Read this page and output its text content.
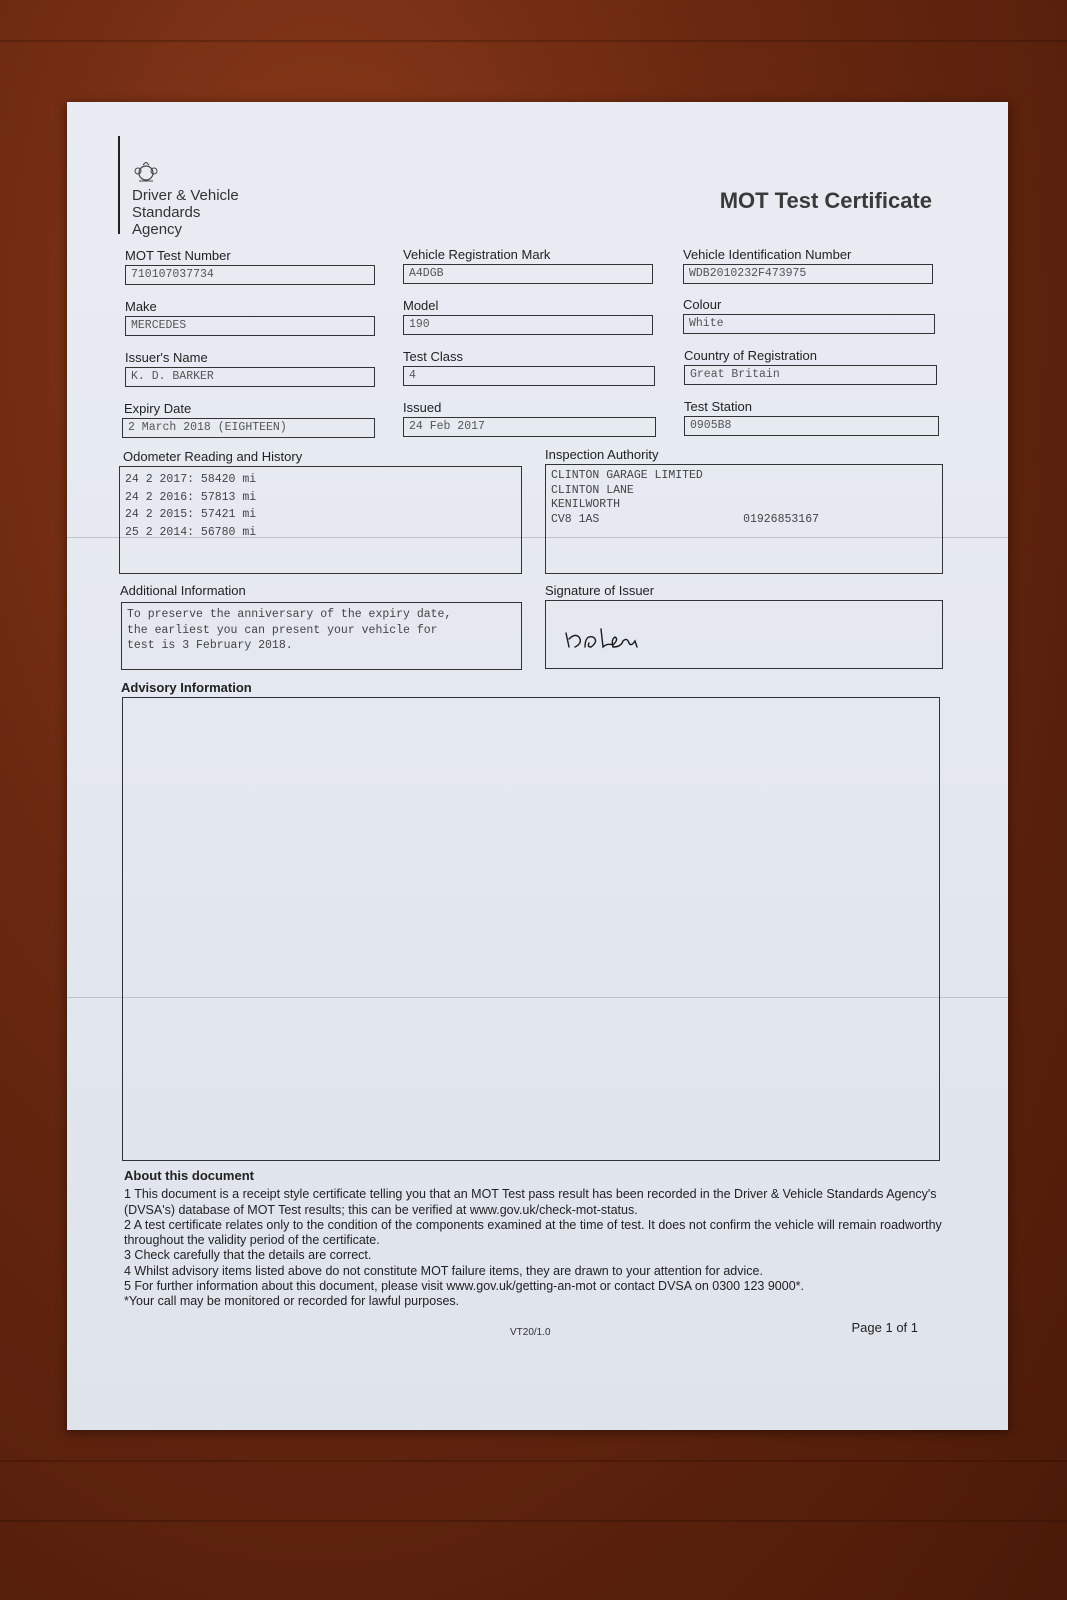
Driver & Vehicle
Standards
Agency
MOT Test Certificate
MOT Test Number
710107037734
Vehicle Registration Mark
A4DGB
Vehicle Identification Number
WDB2010232F473975
Make
MERCEDES
Model
190
Colour
White
Issuer's Name
K. D. BARKER
Test Class
4
Country of Registration
Great Britain
Expiry Date
2 March 2018 (EIGHTEEN)
Issued
24 Feb 2017
Test Station
0905B8
Odometer Reading and History
24 2 2017: 58420 mi
24 2 2016: 57813 mi
24 2 2015: 57421 mi
25 2 2014: 56780 mi
Inspection Authority
CLINTON GARAGE LIMITED
CLINTON LANE
KENILWORTH
CV8 1AS	01926853167
Additional Information
To preserve the anniversary of the expiry date,
the earliest you can present your vehicle for
test is 3 February 2018.
Signature of Issuer

Advisory Information
About this document
1 This document is a receipt style certificate telling you that an MOT Test pass result has been recorded in the Driver & Vehicle Standards Agency's (DVSA's) database of MOT Test results; this can be verified at www.gov.uk/check-mot-status.
2 A test certificate relates only to the condition of the components examined at the time of test. It does not confirm the vehicle will remain roadworthy throughout the validity period of the certificate.
3 Check carefully that the details are correct.
4 Whilst advisory items listed above do not constitute MOT failure items, they are drawn to your attention for advice.
5 For further information about this document, please visit www.gov.uk/getting-an-mot or contact DVSA on 0300 123 9000*.
*Your call may be monitored or recorded for lawful purposes.
VT20/1.0	Page 1 of 1
